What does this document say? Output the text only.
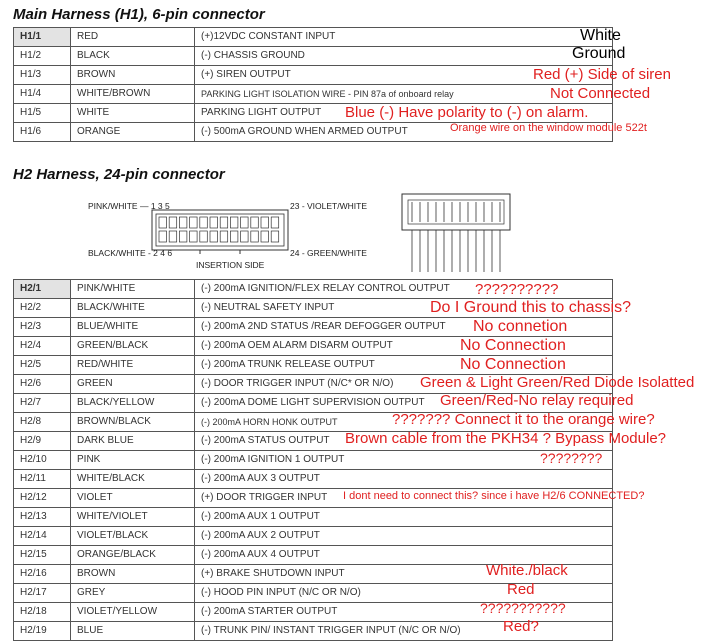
Main Harness (H1), 6-pin connector
H1/1	RED	(+)12VDC CONSTANT INPUT
H1/2	BLACK	(-) CHASSIS GROUND
H1/3	BROWN	(+) SIREN OUTPUT
H1/4	WHITE/BROWN	PARKING LIGHT ISOLATION WIRE - PIN 87a of onboard relay
H1/5	WHITE	PARKING LIGHT OUTPUT
H1/6	ORANGE	(-) 500mA GROUND WHEN ARMED OUTPUT
White
Ground
Red (+) Side of siren
Not Connected
Blue (-) Have polarity to (-) on alarm.
Orange wire on the window module 522t
H2 Harness, 24-pin connector
PINK/WHITE — 1 3 5	23 - VIOLET/WHITE
BLACK/WHITE - 2 4 6	24 - GREEN/WHITE
INSERTION SIDE
H2/1	PINK/WHITE	(-) 200mA IGNITION/FLEX RELAY CONTROL OUTPUT
H2/2	BLACK/WHITE	(-) NEUTRAL SAFETY INPUT
H2/3	BLUE/WHITE	(-) 200mA 2ND STATUS /REAR DEFOGGER OUTPUT
H2/4	GREEN/BLACK	(-) 200mA OEM ALARM DISARM OUTPUT
H2/5	RED/WHITE	(-) 200mA TRUNK RELEASE OUTPUT
H2/6	GREEN	(-) DOOR TRIGGER INPUT (N/C* OR N/O)
H2/7	BLACK/YELLOW	(-) 200mA DOME LIGHT SUPERVISION OUTPUT
H2/8	BROWN/BLACK	(-) 200mA HORN HONK OUTPUT
H2/9	DARK BLUE	(-) 200mA STATUS OUTPUT
H2/10	PINK	(-) 200mA IGNITION 1 OUTPUT
H2/11	WHITE/BLACK	(-) 200mA AUX 3 OUTPUT
H2/12	VIOLET	(+) DOOR TRIGGER INPUT
H2/13	WHITE/VIOLET	(-) 200mA AUX 1 OUTPUT
H2/14	VIOLET/BLACK	(-) 200mA AUX 2 OUTPUT
H2/15	ORANGE/BLACK	(-) 200mA AUX 4 OUTPUT
H2/16	BROWN	(+) BRAKE SHUTDOWN INPUT
H2/17	GREY	(-) HOOD PIN INPUT (N/C OR N/O)
H2/18	VIOLET/YELLOW	(-) 200mA STARTER OUTPUT
H2/19	BLUE	(-) TRUNK PIN/ INSTANT TRIGGER INPUT (N/C OR N/O)
??????????
Do I Ground this to chassis?
No connetion
No Connection
No Connection
Green & Light Green/Red Diode Isolatted
Green/Red-No relay required
??????? Connect it to the orange wire?
Brown cable from the PKH34 ? Bypass Module?
????????
I dont need to connect this? since i have H2/6 CONNECTED?
White./black
Red
???????????
Red?
